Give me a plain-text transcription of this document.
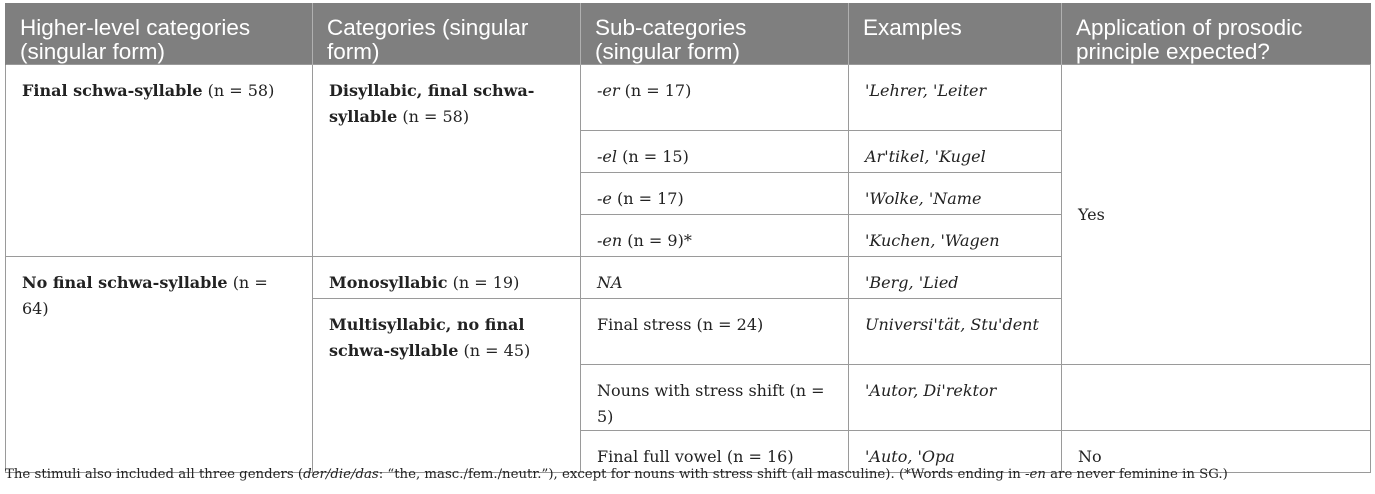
Higher-level categories (singular form)	Categories (singular form)	Sub-categories (singular form)	Examples	Application of prosodic principle expected?
Final schwa-syllable (n = 58)	Disyllabic, final schwa-syllable (n = 58)	-er (n = 17)	'Lehrer, 'Leiter	Yes
		-el (n = 15)	Ar'tikel, 'Kugel	
		-e (n = 17)	'Wolke, 'Name	
		-en (n = 9)*	'Kuchen, 'Wagen	
No final schwa-syllable (n = 64)	Monosyllabic (n = 19)	NA	'Berg, 'Lied	
	Multisyllabic, no final schwa-syllable (n = 45)	Final stress (n = 24)	Universi'tät, Stu'dent	
		Nouns with stress shift (n = 5)	'Autor, Di'rektor	
		Final full vowel (n = 16)	'Auto, 'Opa	No
The stimuli also included all three genders (der/die/das: “the, masc./fem./neutr.”), except for nouns with stress shift (all masculine). (*Words ending in -en are never feminine in SG.)
